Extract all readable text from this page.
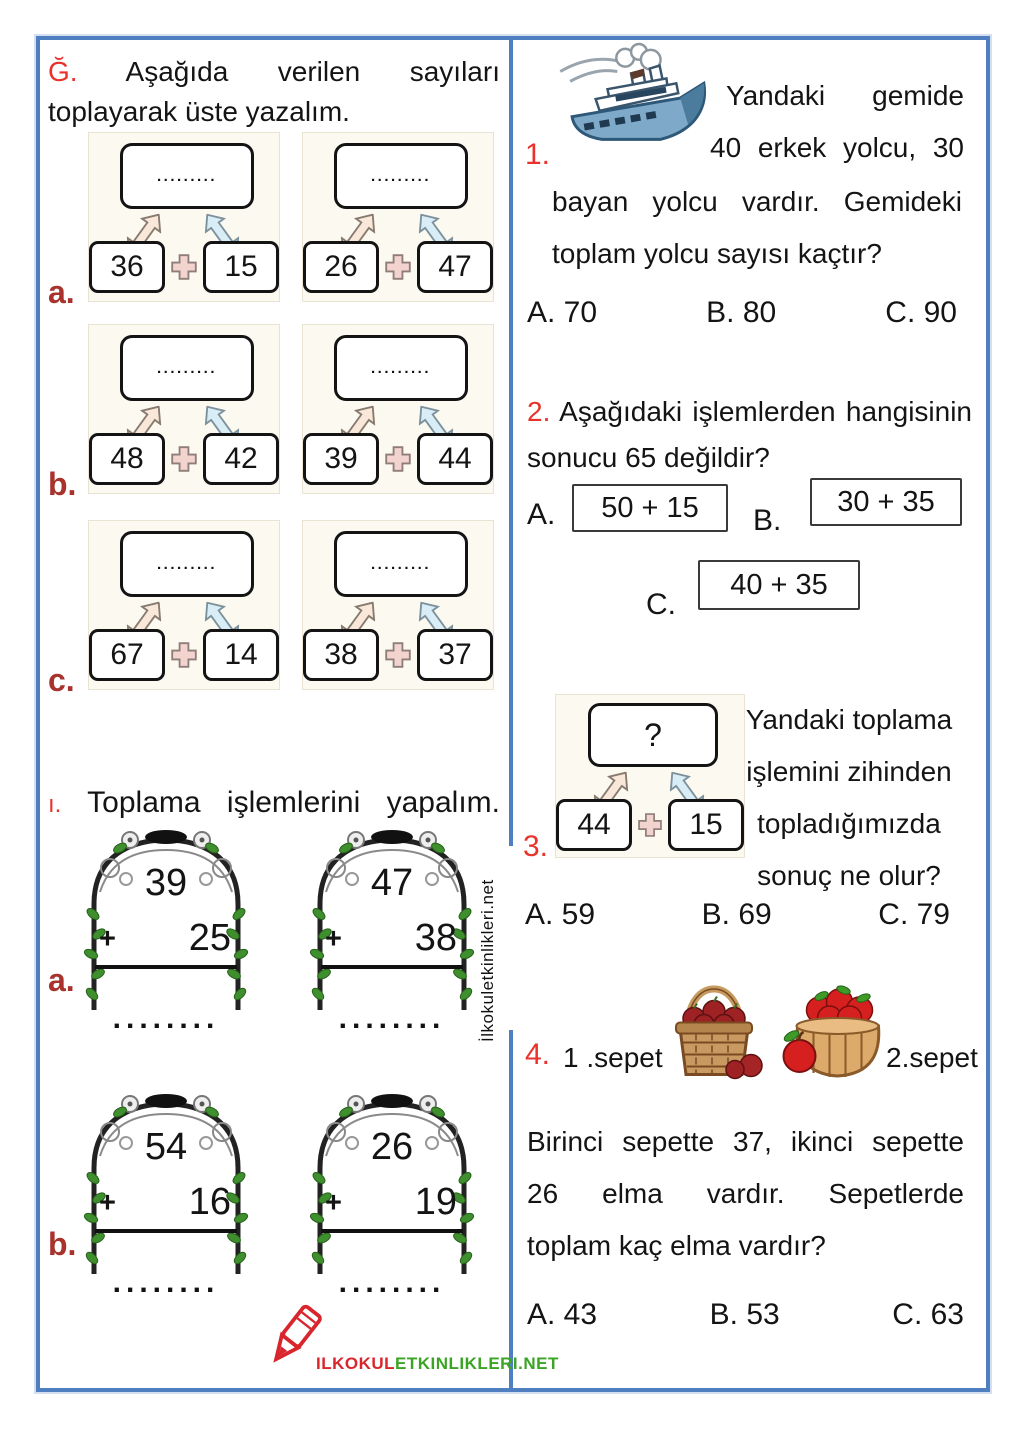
Ğ. Aşağıda verilen sayıları
toplayarak üste yazalım.
.........
36	15
.........
26	47
a.
.........
48	42
.........
39	44
b.
.........
67	14
.........
38	37
c.
ı. Toplama işlemlerini yapalım.
39
+ 25
47
+ 38
a.
........	........
54
+ 16
26
+ 19
b.
........	........
ILKOKULETKINLIKLERI.NET
İlkokuletkinlikleri.net
1.
Yandaki gemide
40 erkek yolcu, 30
bayan yolcu vardır. Gemideki
toplam yolcu sayısı kaçtır?
A. 70	B. 80	C. 90
2. Aşağıdaki işlemlerden hangisinin
sonucu 65 değildir?
A.	50 + 15	B.
30 + 35
C.
40 + 35
?
44	15
3.
Yandaki toplama
işlemini zihinden
topladığımızda
sonuç ne olur?
A. 59	B. 69	C. 79
4. 1 .sepet	2.sepet
Birinci sepette 37, ikinci sepette
26 elma vardır. Sepetlerde
toplam kaç elma vardır?
A. 43	B. 53	C. 63
